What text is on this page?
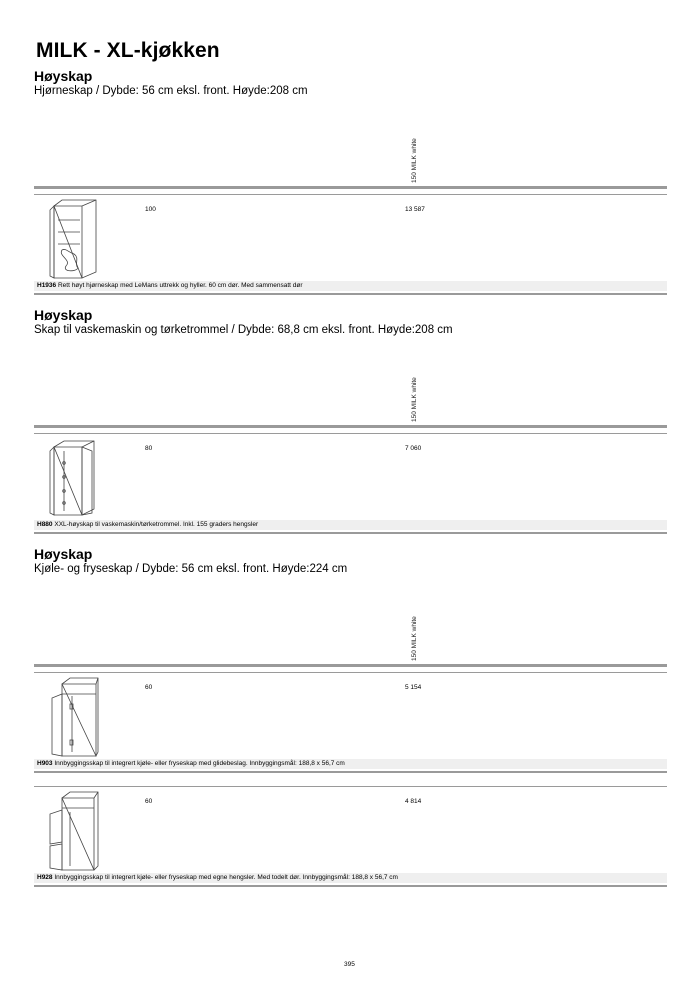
MILK - XL-kjøkken
Høyskap
Hjørneskap / Dybde: 56 cm eksl. front. Høyde:208 cm
150 MILK white
100	13 587
H1936 Rett høyt hjørneskap med LeMans uttrekk og hyller. 60 cm dør. Med sammensatt dør
Høyskap
Skap til vaskemaskin og tørketrommel / Dybde: 68,8 cm eksl. front. Høyde:208 cm
150 MILK white
80	7 060
H880 XXL-høyskap til vaskemaskin/tørketrommel. Inkl. 155 graders hengsler
Høyskap
Kjøle- og fryseskap / Dybde: 56 cm eksl. front. Høyde:224 cm
150 MILK white
60	5 154
H903 Innbyggingsskap til integrert kjøle- eller fryseskap med glidebeslag. Innbyggingsmål: 188,8 x 56,7 cm
60	4 814
H928 Innbyggingsskap til integrert kjøle- eller fryseskap med egne hengsler. Med todelt dør. Innbyggingsmål: 188,8 x 56,7 cm
395
